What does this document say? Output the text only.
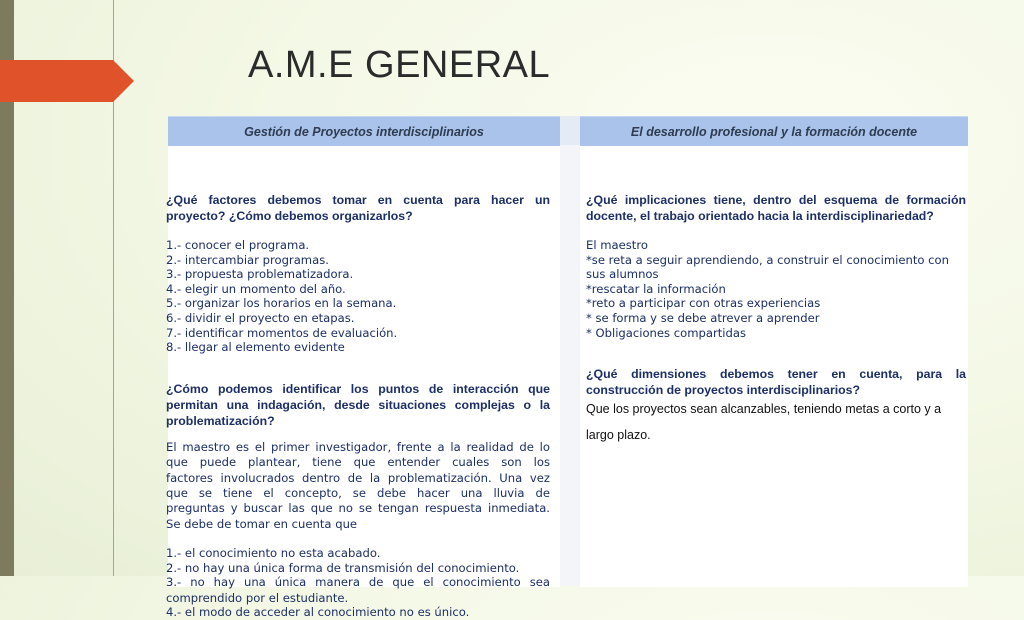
A.M.E GENERAL
Gestión de Proyectos interdisciplinarios
¿Qué factores debemos tomar en cuenta para hacer un
proyecto? ¿Cómo debemos organizarlos?
1.- conocer el programa.
2.- intercambiar programas.
3.- propuesta problematizadora.
4.- elegir un momento del año.
5.- organizar los horarios en la semana.
6.- dividir el proyecto en etapas.
7.- identificar momentos de evaluación.
8.- llegar al elemento evidente
¿Cómo podemos identificar los puntos de interacción que
permitan una indagación, desde situaciones complejas o la
problematización?
El maestro es el primer investigador, frente a la realidad de lo
que puede plantear, tiene que entender cuales son los
factores involucrados dentro de la problematización. Una vez
que se tiene el concepto, se debe hacer una lluvia de
preguntas y buscar las que no se tengan respuesta inmediata.
Se debe de tomar en cuenta que
1.- el conocimiento no esta acabado.
2.- no hay una única forma de transmisión del conocimiento.
3.- no hay una única manera de que el conocimiento sea
comprendido por el estudiante.
4.- el modo de acceder al conocimiento no es único.
El desarrollo profesional y la formación docente
¿Qué implicaciones tiene, dentro del esquema de formación
docente, el trabajo orientado hacia la interdisciplinariedad?
El maestro
*se reta a seguir aprendiendo, a construir el conocimiento con
sus alumnos
*rescatar la información
*reto a participar con otras experiencias
* se forma y se debe atrever a aprender
* Obligaciones compartidas
¿Qué dimensiones debemos tener en cuenta, para la
construcción de proyectos interdisciplinarios?
Que los proyectos sean alcanzables, teniendo metas a corto y a
largo plazo.
